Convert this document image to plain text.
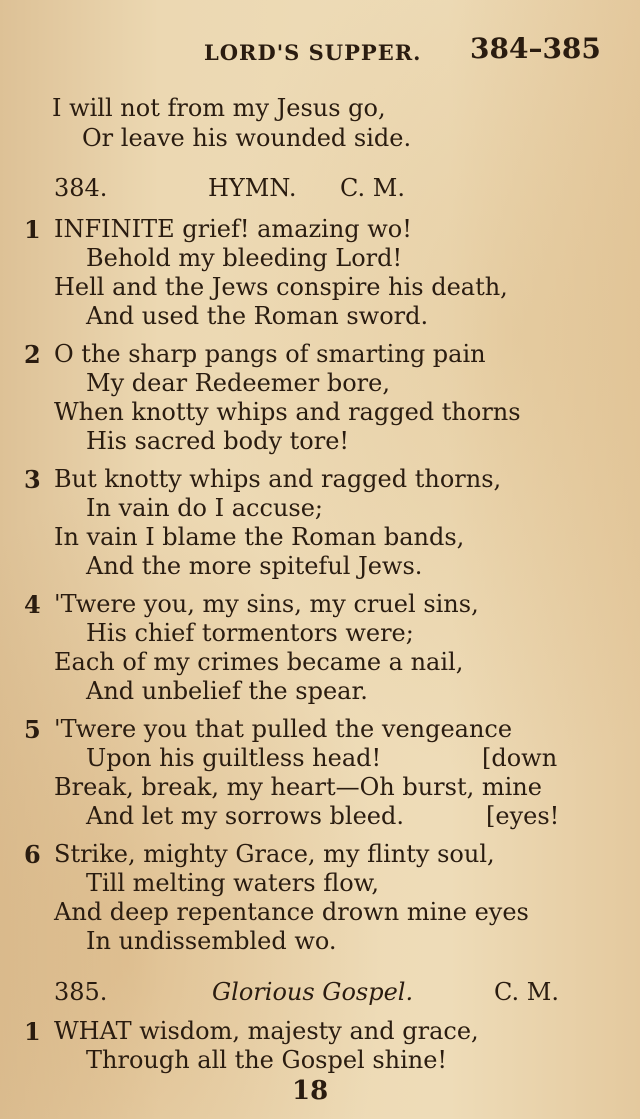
LORD'S SUPPER. 384–385
I will not from my Jesus go,
Or leave his wounded side.
384.	HYMN. C. M.
1 INFINITE grief! amazing wo!
Behold my bleeding Lord!
Hell and the Jews conspire his death,
And used the Roman sword.
2 O the sharp pangs of smarting pain
My dear Redeemer bore,
When knotty whips and ragged thorns
His sacred body tore!
3 But knotty whips and ragged thorns,
In vain do I accuse;
In vain I blame the Roman bands,
And the more spiteful Jews.
4 'Twere you, my sins, my cruel sins,
His chief tormentors were;
Each of my crimes became a nail,
And unbelief the spear.
5 'Twere you that pulled the vengeance
Upon his guiltless head!	[down
Break, break, my heart—Oh burst, mine
And let my sorrows bleed.	[eyes!
6 Strike, mighty Grace, my flinty soul,
Till melting waters flow,
And deep repentance drown mine eyes
In undissembled wo.
385.	Glorious Gospel.	C. M.
1 WHAT wisdom, majesty and grace,
Through all the Gospel shine!
18
